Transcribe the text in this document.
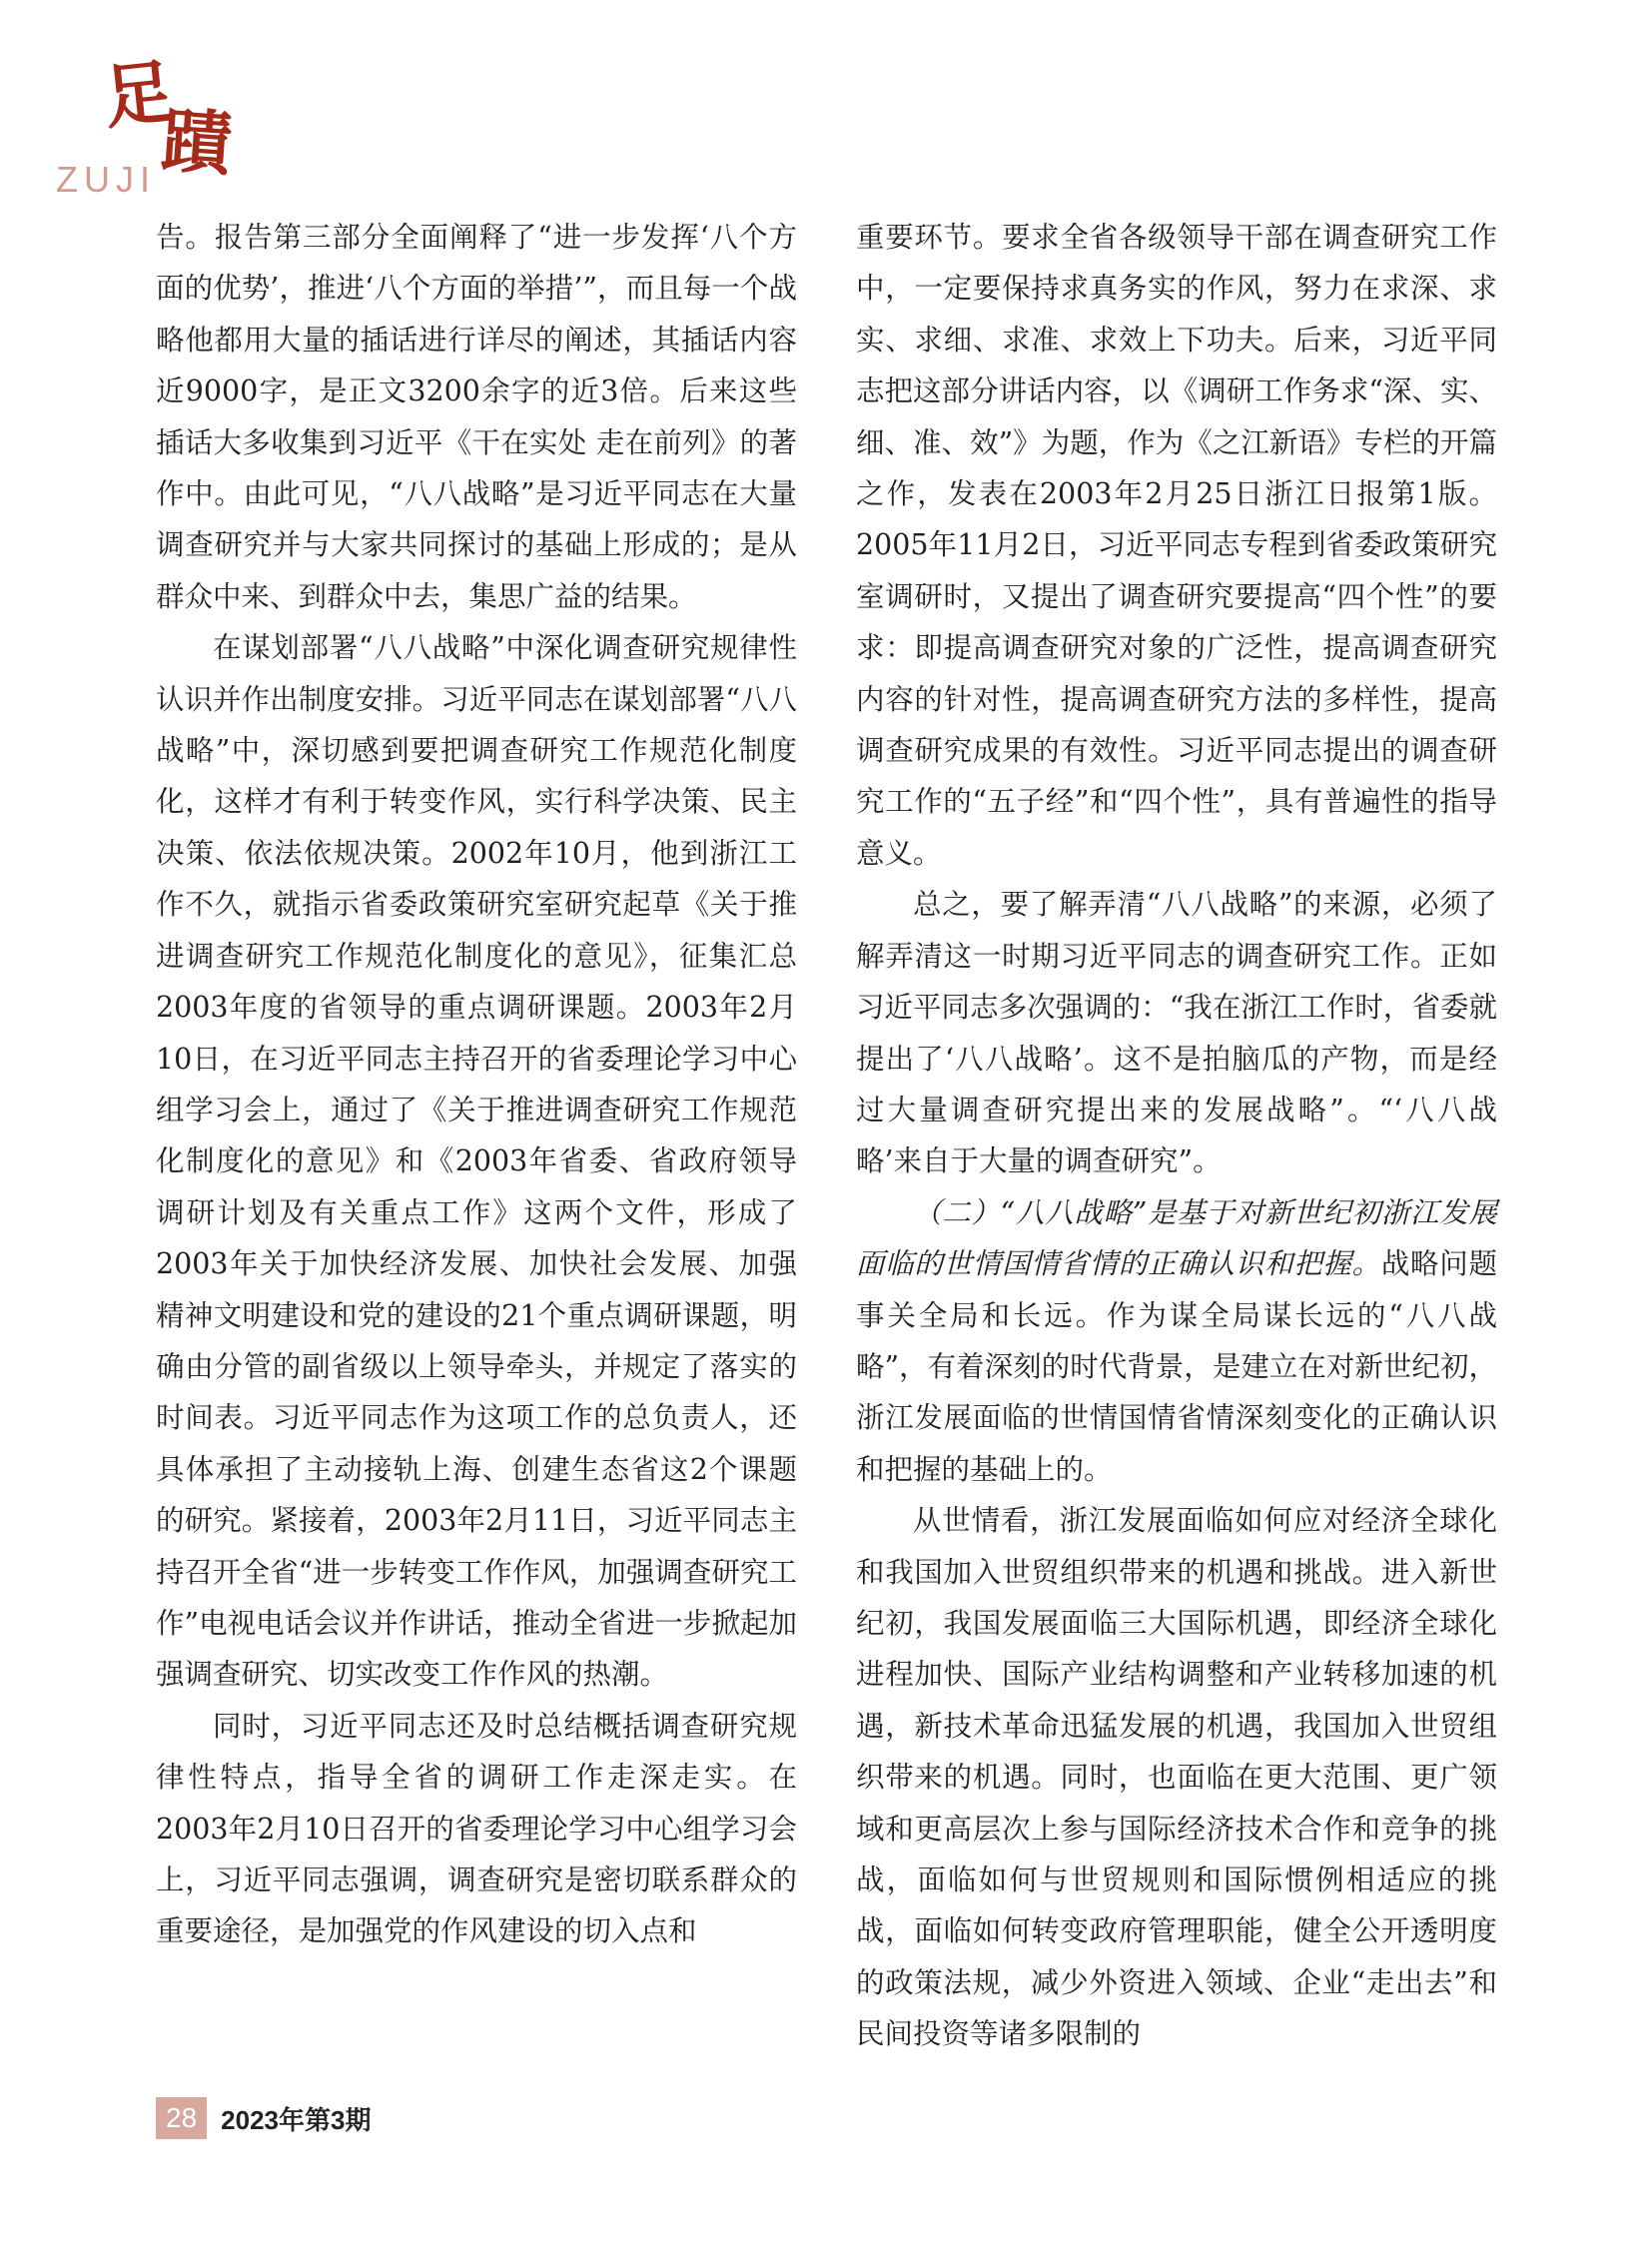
足
蹟
ZUJI

告。报告第三部分全面阐释了“进一步发挥‘八个方面的优势’，推进‘八个方面的举措’”，而且每一个战略他都用大量的插话进行详尽的阐述，其插话内容近9000字，是正文3200余字的近3倍。后来这些插话大多收集到习近平《干在实处 走在前列》的著作中。由此可见，“八八战略”是习近平同志在大量调查研究并与大家共同探讨的基础上形成的；是从群众中来、到群众中去，集思广益的结果。

在谋划部署“八八战略”中深化调查研究规律性认识并作出制度安排。习近平同志在谋划部署“八八战略”中，深切感到要把调查研究工作规范化制度化，这样才有利于转变作风，实行科学决策、民主决策、依法依规决策。2002年10月，他到浙江工作不久，就指示省委政策研究室研究起草《关于推进调查研究工作规范化制度化的意见》，征集汇总2003年度的省领导的重点调研课题。2003年2月10日，在习近平同志主持召开的省委理论学习中心组学习会上，通过了《关于推进调查研究工作规范化制度化的意见》和《2003年省委、省政府领导调研计划及有关重点工作》这两个文件，形成了2003年关于加快经济发展、加快社会发展、加强精神文明建设和党的建设的21个重点调研课题，明确由分管的副省级以上领导牵头，并规定了落实的时间表。习近平同志作为这项工作的总负责人，还具体承担了主动接轨上海、创建生态省这2个课题的研究。紧接着，2003年2月11日，习近平同志主持召开全省“进一步转变工作作风，加强调查研究工作”电视电话会议并作讲话，推动全省进一步掀起加强调查研究、切实改变工作作风的热潮。

同时，习近平同志还及时总结概括调查研究规律性特点，指导全省的调研工作走深走实。在2003年2月10日召开的省委理论学习中心组学习会上，习近平同志强调，调查研究是密切联系群众的重要途径，是加强党的作风建设的切入点和

重要环节。要求全省各级领导干部在调查研究工作中，一定要保持求真务实的作风，努力在求深、求实、求细、求准、求效上下功夫。后来，习近平同志把这部分讲话内容，以《调研工作务求“深、实、细、准、效”》为题，作为《之江新语》专栏的开篇之作，发表在2003年2月25日浙江日报第1版。2005年11月2日，习近平同志专程到省委政策研究室调研时，又提出了调查研究要提高“四个性”的要求：即提高调查研究对象的广泛性，提高调查研究内容的针对性，提高调查研究方法的多样性，提高调查研究成果的有效性。习近平同志提出的调查研究工作的“五子经”和“四个性”，具有普遍性的指导意义。

总之，要了解弄清“八八战略”的来源，必须了解弄清这一时期习近平同志的调查研究工作。正如习近平同志多次强调的：“我在浙江工作时，省委就提出了‘八八战略’。这不是拍脑瓜的产物，而是经过大量调查研究提出来的发展战略”。“‘八八战略’来自于大量的调查研究”。

（二）“八八战略”是基于对新世纪初浙江发展面临的世情国情省情的正确认识和把握。战略问题事关全局和长远。作为谋全局谋长远的“八八战略”，有着深刻的时代背景，是建立在对新世纪初，浙江发展面临的世情国情省情深刻变化的正确认识和把握的基础上的。

从世情看，浙江发展面临如何应对经济全球化和我国加入世贸组织带来的机遇和挑战。进入新世纪初，我国发展面临三大国际机遇，即经济全球化进程加快、国际产业结构调整和产业转移加速的机遇，新技术革命迅猛发展的机遇，我国加入世贸组织带来的机遇。同时，也面临在更大范围、更广领域和更高层次上参与国际经济技术合作和竞争的挑战，面临如何与世贸规则和国际惯例相适应的挑战，面临如何转变政府管理职能，健全公开透明度的政策法规，减少外资进入领域、企业“走出去”和民间投资等诸多限制的

28 2023年第3期
